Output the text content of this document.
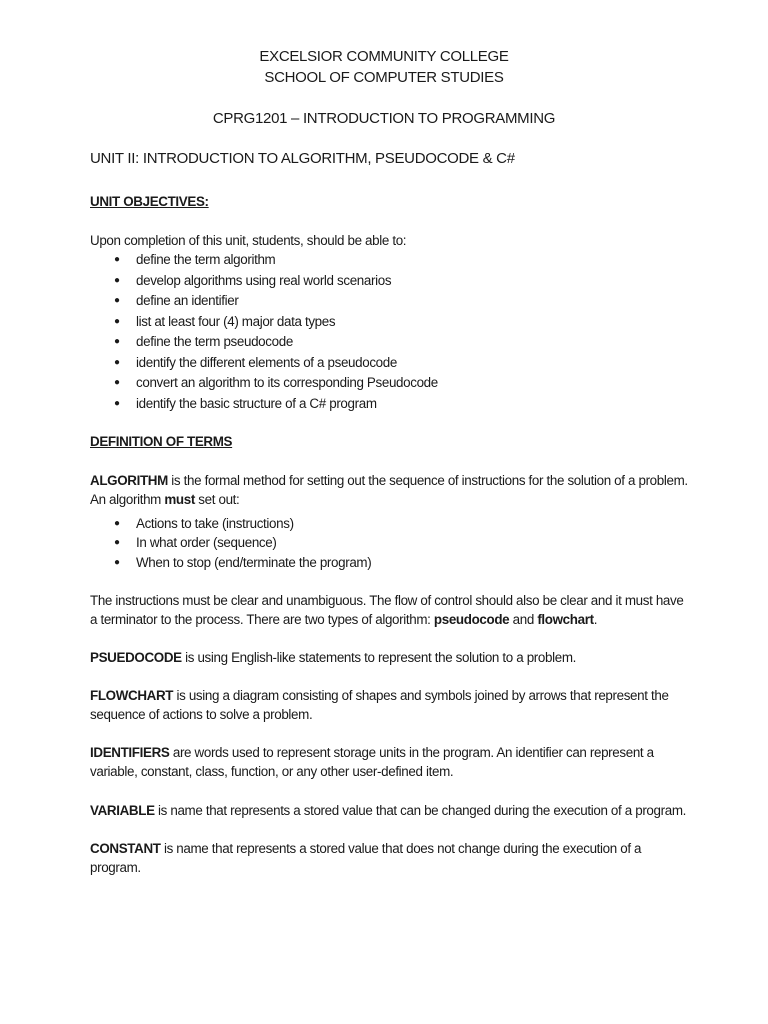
EXCELSIOR COMMUNITY COLLEGE
SCHOOL OF COMPUTER STUDIES
CPRG1201 – INTRODUCTION TO PROGRAMMING
UNIT II: INTRODUCTION TO ALGORITHM, PSEUDOCODE & C#
UNIT OBJECTIVES:
Upon completion of this unit, students, should be able to:
● define the term algorithm
● develop algorithms using real world scenarios
● define an identifier
● list at least four (4) major data types
● define the term pseudocode
● identify the different elements of a pseudocode
● convert an algorithm to its corresponding Pseudocode
● identify the basic structure of a C# program
DEFINITION OF TERMS
ALGORITHM is the formal method for setting out the sequence of instructions for the solution of a problem.
An algorithm must set out:
● Actions to take (instructions)
● In what order (sequence)
● When to stop (end/terminate the program)
The instructions must be clear and unambiguous. The flow of control should also be clear and it must have
a terminator to the process. There are two types of algorithm: pseudocode and flowchart.
PSUEDOCODE is using English-like statements to represent the solution to a problem.
FLOWCHART is using a diagram consisting of shapes and symbols joined by arrows that represent the
sequence of actions to solve a problem.
IDENTIFIERS are words used to represent storage units in the program. An identifier can represent a
variable, constant, class, function, or any other user-defined item.
VARIABLE is name that represents a stored value that can be changed during the execution of a program.
CONSTANT is name that represents a stored value that does not change during the execution of a
program.
